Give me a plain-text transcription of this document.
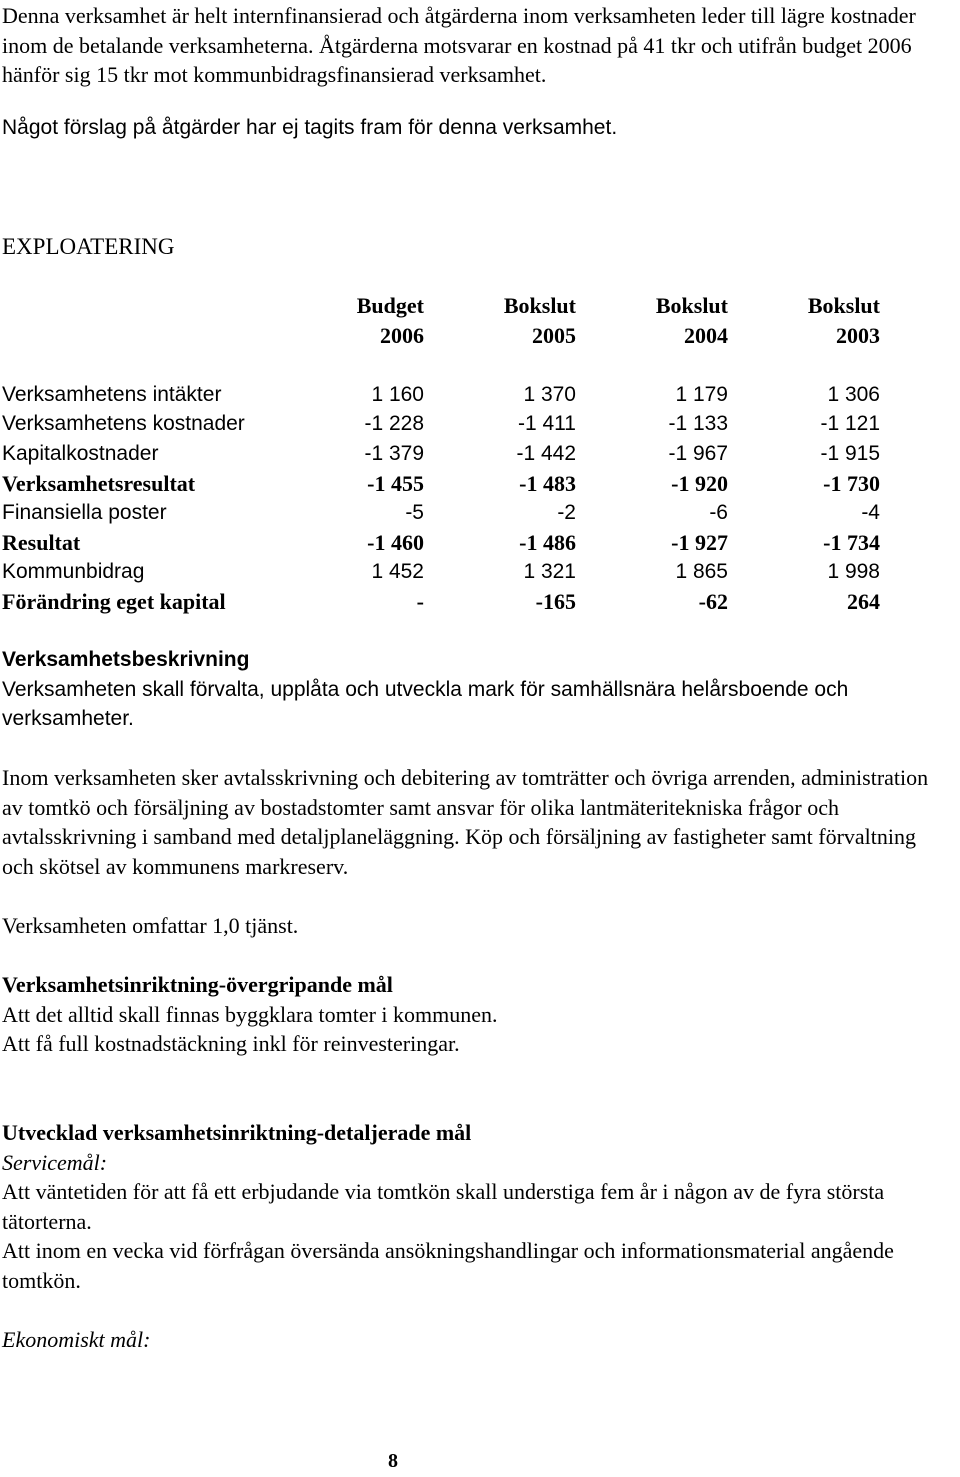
Denna verksamhet är helt internfinansierad och åtgärderna inom verksamheten leder till lägre kostnader inom de betalande verksamheterna. Åtgärderna motsvarar en kostnad på 41 tkr och utifrån budget 2006 hänför sig 15 tkr mot kommunbidragsfinansierad verksamhet.

Något förslag på åtgärder har ej tagits fram för denna verksamhet.

EXPLOATERING

	Budget	Bokslut	Bokslut	Bokslut
	2006	2005	2004	2003

Verksamhetens intäkter	1 160	1 370	1 179	1 306
Verksamhetens kostnader	-1 228	-1 411	-1 133	-1 121
Kapitalkostnader	-1 379	-1 442	-1 967	-1 915
Verksamhetsresultat	-1 455	-1 483	-1 920	-1 730
Finansiella poster	-5	-2	-6	-4
Resultat	-1 460	-1 486	-1 927	-1 734
Kommunbidrag	1 452	1 321	1 865	1 998
Förändring eget kapital	-	-165	-62	264

Verksamhetsbeskrivning

Verksamheten skall förvalta, upplåta och utveckla mark för samhällsnära helårsboende och verksamheter.

Inom verksamheten sker avtalsskrivning och debitering av tomträtter och övriga arrenden, administration av tomtkö och försäljning av bostadstomter samt ansvar för olika lantmäteritekniska frågor och avtalsskrivning i samband med detaljplaneläggning. Köp och försäljning av fastigheter samt förvaltning och skötsel av kommunens markreserv.

Verksamheten omfattar 1,0 tjänst.

Verksamhetsinriktning-övergripande mål

Att det alltid skall finnas byggklara tomter i kommunen.

Att få full kostnadstäckning inkl för reinvesteringar.

Utvecklad verksamhetsinriktning-detaljerade mål

Servicemål:

Att väntetiden för att få ett erbjudande via tomtkön skall understiga fem år i någon av de fyra största tätorterna.

Att inom en vecka vid förfrågan översända ansökningshandlingar och informationsmaterial angående tomtkön.

Ekonomiskt mål:

8
